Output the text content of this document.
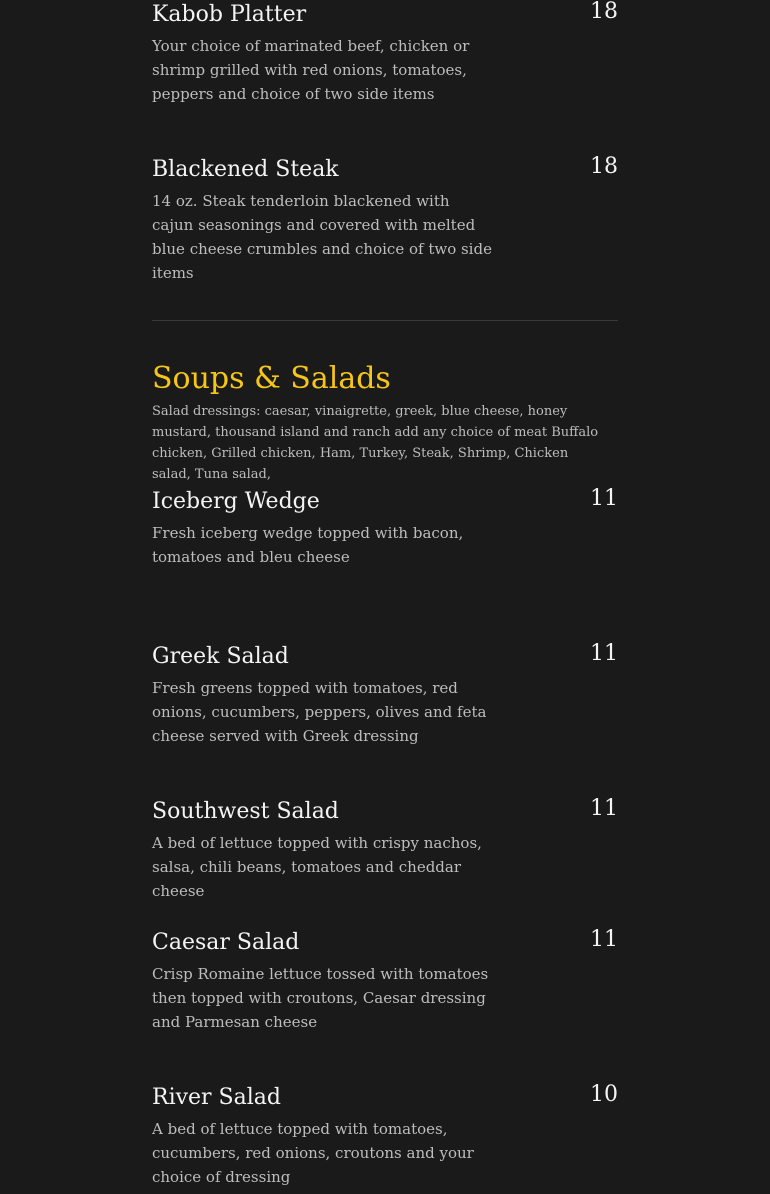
Kabob Platter	18
Your choice of marinated beef, chicken or shrimp grilled with red onions, tomatoes, peppers and choice of two side items
Blackened Steak	18
14 oz. Steak tenderloin blackened with cajun seasonings and covered with melted blue cheese crumbles and choice of two side items
Soups & Salads
Salad dressings: caesar, vinaigrette, greek, blue cheese, honey mustard, thousand island and ranch add any choice of meat Buffalo chicken, Grilled chicken, Ham, Turkey, Steak, Shrimp, Chicken salad, Tuna salad,
Iceberg Wedge	11
Fresh iceberg wedge topped with bacon, tomatoes and bleu cheese
Greek Salad	11
Fresh greens topped with tomatoes, red onions, cucumbers, peppers, olives and feta cheese served with Greek dressing
Southwest Salad	11
A bed of lettuce topped with crispy nachos, salsa, chili beans, tomatoes and cheddar cheese
Caesar Salad	11
Crisp Romaine lettuce tossed with tomatoes then topped with croutons, Caesar dressing and Parmesan cheese
River Salad	10
A bed of lettuce topped with tomatoes, cucumbers, red onions, croutons and your choice of dressing
